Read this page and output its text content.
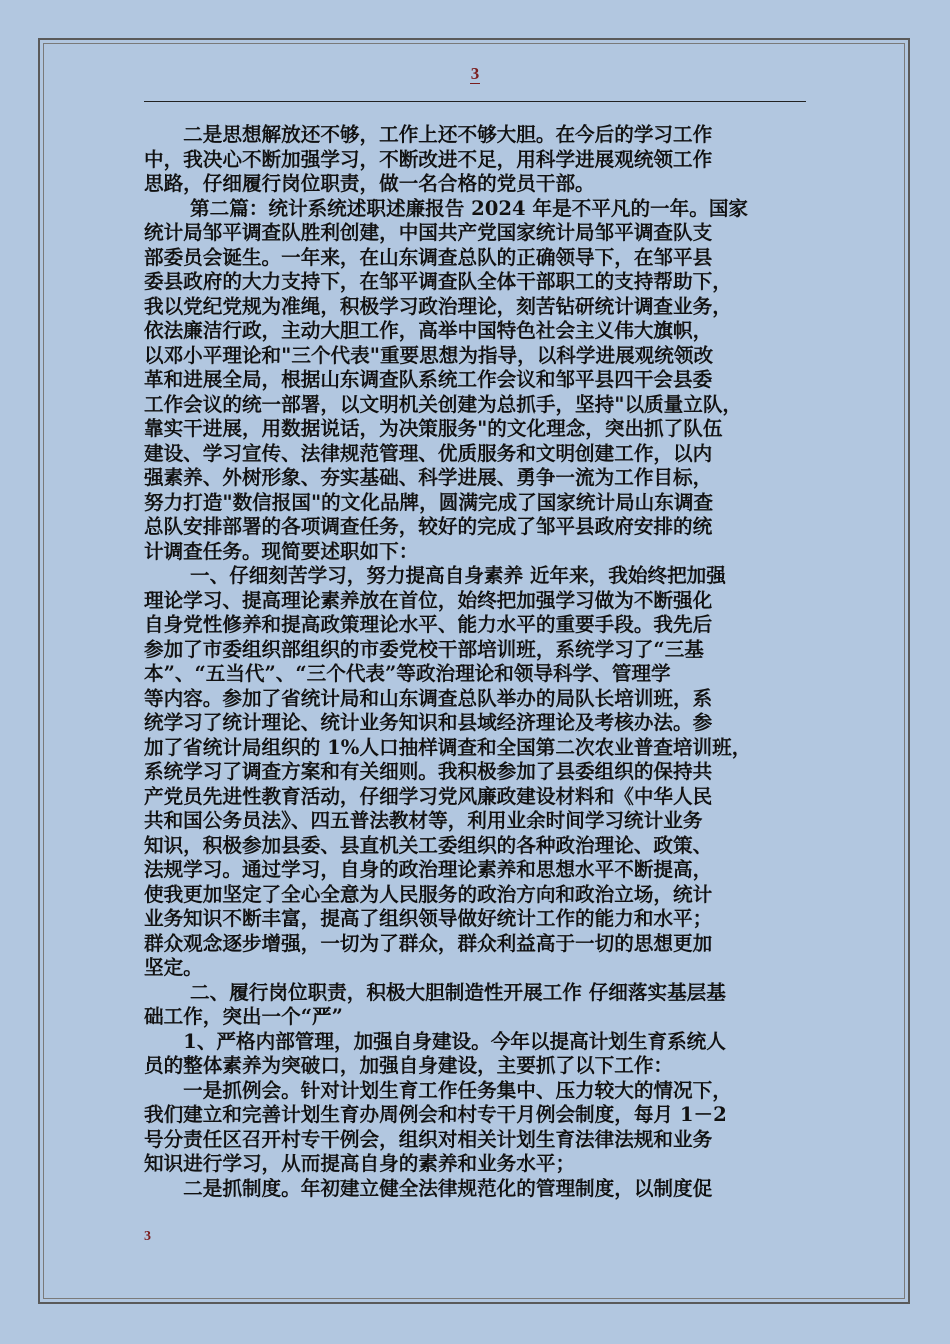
3

　　二是思想解放还不够，工作上还不够大胆。在今后的学习工作

中，我决心不断加强学习，不断改进不足，用科学进展观统领工作

思路，仔细履行岗位职责，做一名合格的党员干部。

　　 第二篇：统计系统述职述廉报告 2024 年是不平凡的一年。国家

统计局邹平调查队胜利创建，中国共产党国家统计局邹平调查队支

部委员会诞生。一年来，在山东调查总队的正确领导下，在邹平县

委县政府的大力支持下，在邹平调查队全体干部职工的支持帮助下，

我以党纪党规为准绳，积极学习政治理论，刻苦钻研统计调查业务，

依法廉洁行政，主动大胆工作，高举中国特色社会主义伟大旗帜，

以邓小平理论和"三个代表"重要思想为指导，以科学进展观统领改

革和进展全局，根据山东调查队系统工作会议和邹平县四干会县委

工作会议的统一部署，以文明机关创建为总抓手，坚持"以质量立队，

靠实干进展，用数据说话，为决策服务"的文化理念，突出抓了队伍

建设、学习宣传、法律规范管理、优质服务和文明创建工作，以内

强素养、外树形象、夯实基础、科学进展、勇争一流为工作目标，

努力打造"数信报国"的文化品牌，圆满完成了国家统计局山东调查

总队安排部署的各项调查任务，较好的完成了邹平县政府安排的统

计调查任务。现简要述职如下：

　　 一、仔细刻苦学习，努力提高自身素养 近年来，我始终把加强

理论学习、提高理论素养放在首位，始终把加强学习做为不断强化

自身党性修养和提高政策理论水平、能力水平的重要手段。我先后

参加了市委组织部组织的市委党校干部培训班，系统学习了“三基

本”、“五当代”、“三个代表”等政治理论和领导科学、管理学

等内容。参加了省统计局和山东调查总队举办的局队长培训班，系

统学习了统计理论、统计业务知识和县域经济理论及考核办法。参

加了省统计局组织的 1%人口抽样调查和全国第二次农业普查培训班，

系统学习了调查方案和有关细则。我积极参加了县委组织的保持共

产党员先进性教育活动，仔细学习党风廉政建设材料和《中华人民

共和国公务员法》、四五普法教材等，利用业余时间学习统计业务

知识，积极参加县委、县直机关工委组织的各种政治理论、政策、

法规学习。通过学习，自身的政治理论素养和思想水平不断提高，

使我更加坚定了全心全意为人民服务的政治方向和政治立场，统计

业务知识不断丰富，提高了组织领导做好统计工作的能力和水平；

群众观念逐步增强，一切为了群众，群众利益高于一切的思想更加

坚定。

　　 二、履行岗位职责，积极大胆制造性开展工作 仔细落实基层基

础工作，突出一个“严”

　　1、严格内部管理，加强自身建设。今年以提高计划生育系统人

员的整体素养为突破口，加强自身建设，主要抓了以下工作：

　　一是抓例会。针对计划生育工作任务集中、压力较大的情况下，

我们建立和完善计划生育办周例会和村专干月例会制度，每月 1－2

号分责任区召开村专干例会，组织对相关计划生育法律法规和业务

知识进行学习，从而提高自身的素养和业务水平；

　　二是抓制度。年初建立健全法律规范化的管理制度，以制度促

3
